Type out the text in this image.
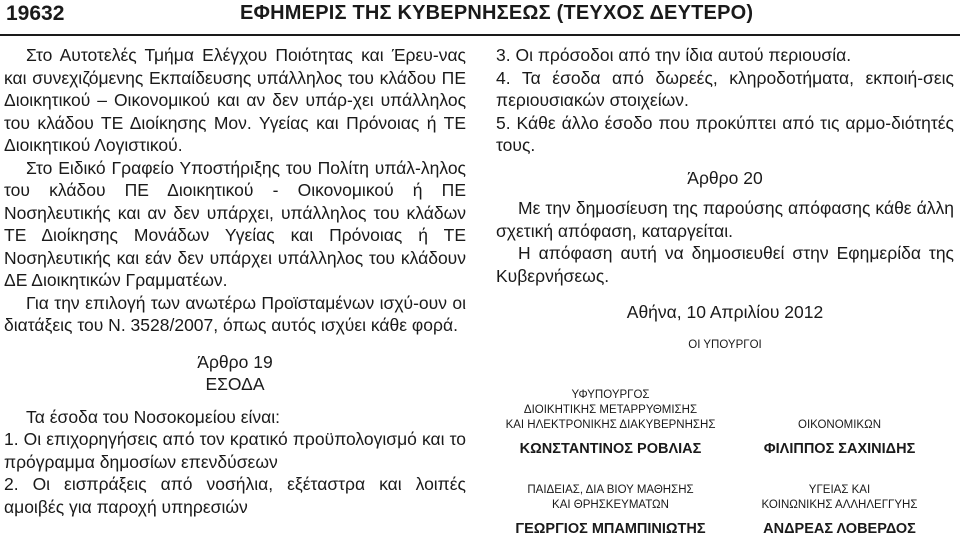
19632	ΕΦΗΜΕΡΙΣ ΤΗΣ ΚΥΒΕΡΝΗΣΕΩΣ (ΤΕΥΧΟΣ ΔΕΥΤΕΡΟ)

Στο Αυτοτελές Τμήμα Ελέγχου Ποιότητας και Έρευ-νας και συνεχιζόμενης Εκπαίδευσης υπάλληλος του κλάδου ΠΕ Διοικητικού – Οικονομικού και αν δεν υπάρ-χει υπάλληλος του κλάδου ΤΕ Διοίκησης Μον. Υγείας και Πρόνοιας ή ΤΕ Διοικητικού Λογιστικού.

Στο Ειδικό Γραφείο Υποστήριξης του Πολίτη υπάλ-ληλος του κλάδου ΠΕ Διοικητικού - Οικονομικού ή ΠΕ Νοσηλευτικής και αν δεν υπάρχει, υπάλληλος του κλάδων ΤΕ Διοίκησης Μονάδων Υγείας και Πρόνοιας ή ΤΕ Νοσηλευτικής και εάν δεν υπάρχει υπάλληλος του κλάδουν ΔΕ Διοικητικών Γραμματέων.

Για την επιλογή των ανωτέρω Προϊσταμένων ισχύ-ουν οι διατάξεις του Ν. 3528/2007, όπως αυτός ισχύει κάθε φορά.

Άρθρο 19

ΕΣΟΔΑ

Τα έσοδα του Νοσοκομείου είναι:

1. Οι επιχορηγήσεις από τον κρατικό προϋπολογισμό και το πρόγραμμα δημοσίων επενδύσεων

2. Οι εισπράξεις από νοσήλια, εξέταστρα και λοιπές αμοιβές για παροχή υπηρεσιών

3. Οι πρόσοδοι από την ίδια αυτού περιουσία.

4. Τα έσοδα από δωρεές, κληροδοτήματα, εκποιή-σεις περιουσιακών στοιχείων.

5. Κάθε άλλο έσοδο που προκύπτει από τις αρμο-διότητές τους.

Άρθρο 20

Με την δημοσίευση της παρούσης απόφασης κάθε άλλη σχετική απόφαση, καταργείται.

Η απόφαση αυτή να δημοσιευθεί στην Εφημερίδα της Κυβερνήσεως.

Αθήνα, 10 Απριλίου 2012

ΟΙ ΥΠΟΥΡΓΟΙ

ΥΦΥΠΟΥΡΓΟΣ
ΔΙΟΙΚΗΤΙΚΗΣ ΜΕΤΑΡΡΥΘΜΙΣΗΣ
ΚΑΙ ΗΛΕΚΤΡΟΝΙΚΗΣ ΔΙΑΚΥΒΕΡΝΗΣΗΣ
ΚΩΝΣΤΑΝΤΙΝΟΣ ΡΟΒΛΙΑΣ
ΟΙΚΟΝΟΜΙΚΩΝ
ΦΙΛΙΠΠΟΣ ΣΑΧΙΝΙΔΗΣ
ΠΑΙΔΕΙΑΣ, ΔΙΑ ΒΙΟΥ ΜΑΘΗΣΗΣ
ΚΑΙ ΘΡΗΣΚΕΥΜΑΤΩΝ
ΓΕΩΡΓΙΟΣ ΜΠΑΜΠΙΝΙΩΤΗΣ
ΥΓΕΙΑΣ ΚΑΙ
ΚΟΙΝΩΝΙΚΗΣ ΑΛΛΗΛΕΓΓΥΗΣ
ΑΝΔΡΕΑΣ ΛΟΒΕΡΔΟΣ
